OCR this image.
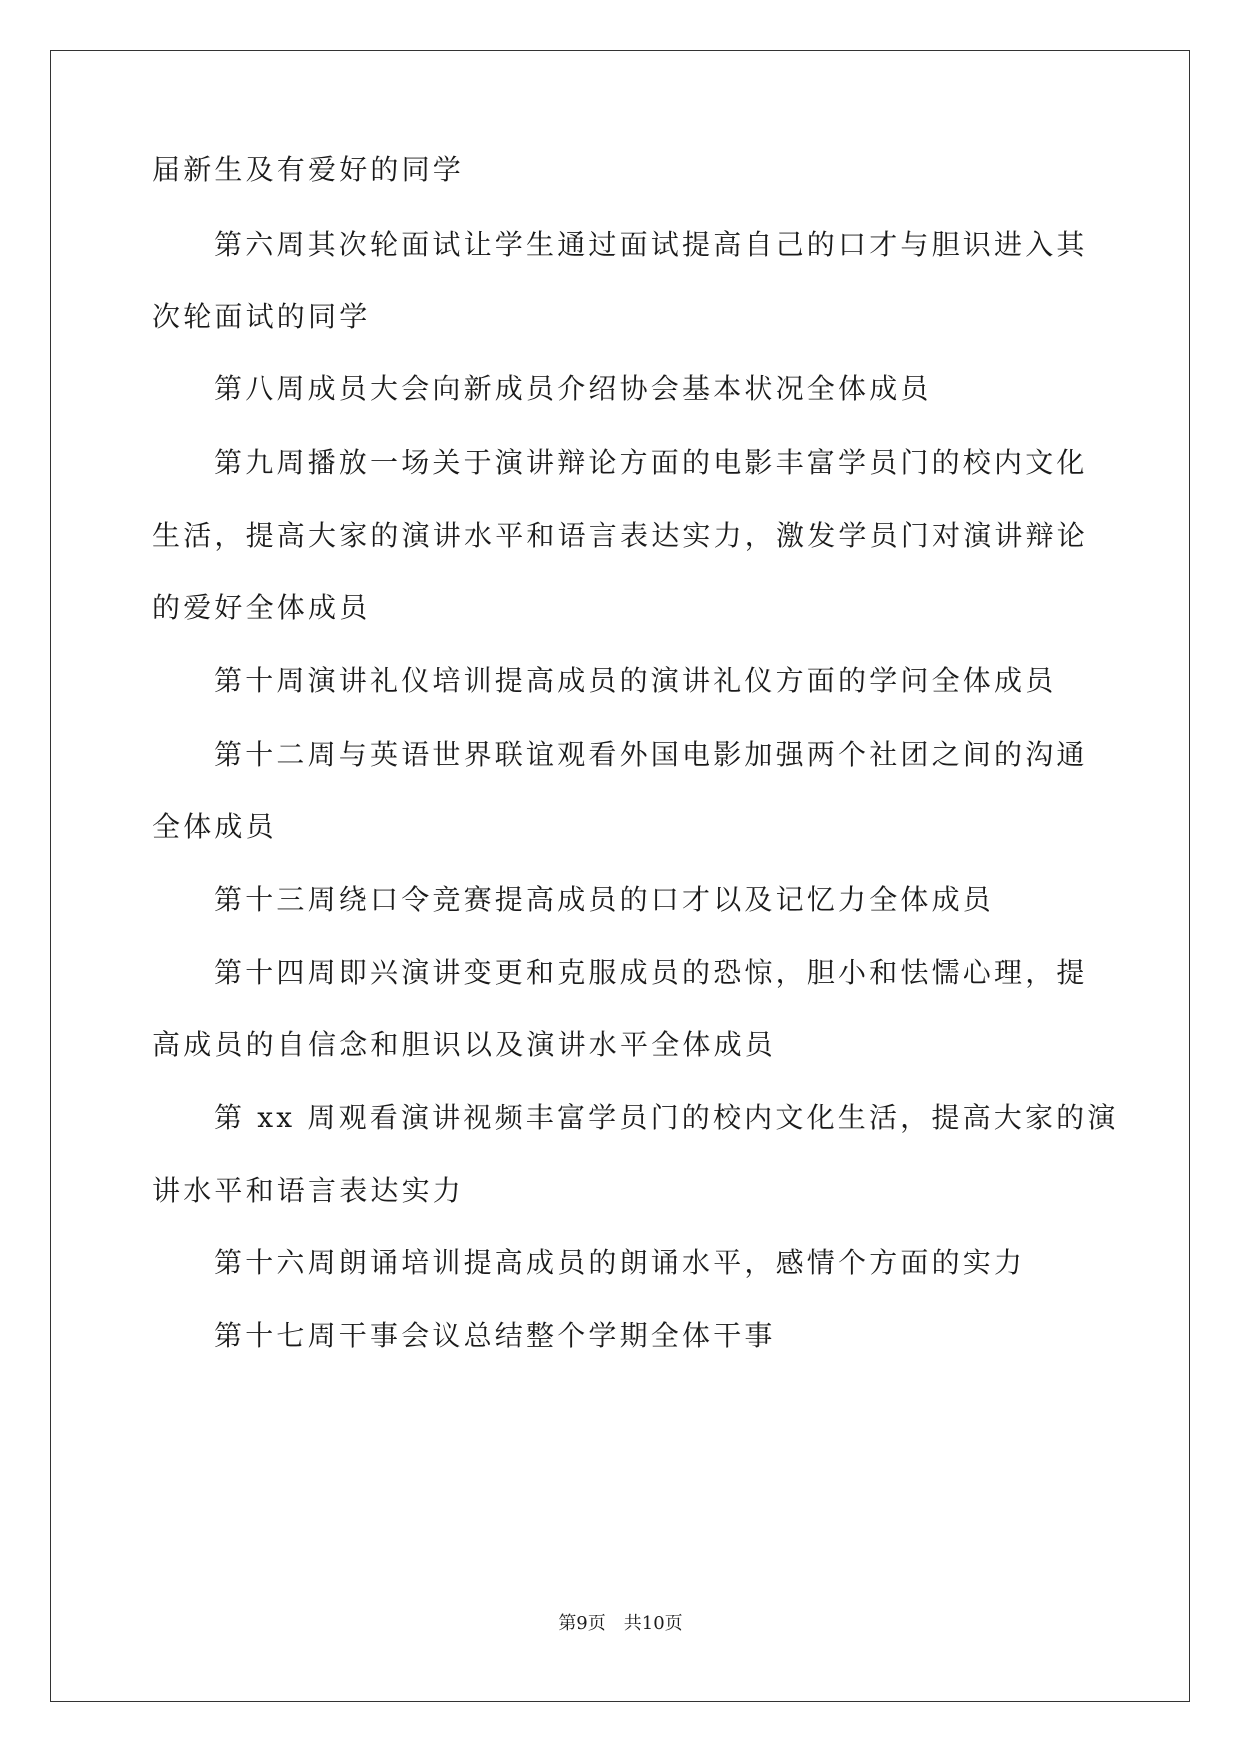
届新生及有爱好的同学
第六周其次轮面试让学生通过面试提高自己的口才与胆识进入其
次轮面试的同学
第八周成员大会向新成员介绍协会基本状况全体成员
第九周播放一场关于演讲辩论方面的电影丰富学员门的校内文化
生活，提高大家的演讲水平和语言表达实力，激发学员门对演讲辩论
的爱好全体成员
第十周演讲礼仪培训提高成员的演讲礼仪方面的学问全体成员
第十二周与英语世界联谊观看外国电影加强两个社团之间的沟通
全体成员
第十三周绕口令竞赛提高成员的口才以及记忆力全体成员
第十四周即兴演讲变更和克服成员的恐惊，胆小和怯懦心理，提
高成员的自信念和胆识以及演讲水平全体成员
第 xx 周观看演讲视频丰富学员门的校内文化生活，提高大家的演
讲水平和语言表达实力
第十六周朗诵培训提高成员的朗诵水平，感情个方面的实力
第十七周干事会议总结整个学期全体干事
第9页　共10页
